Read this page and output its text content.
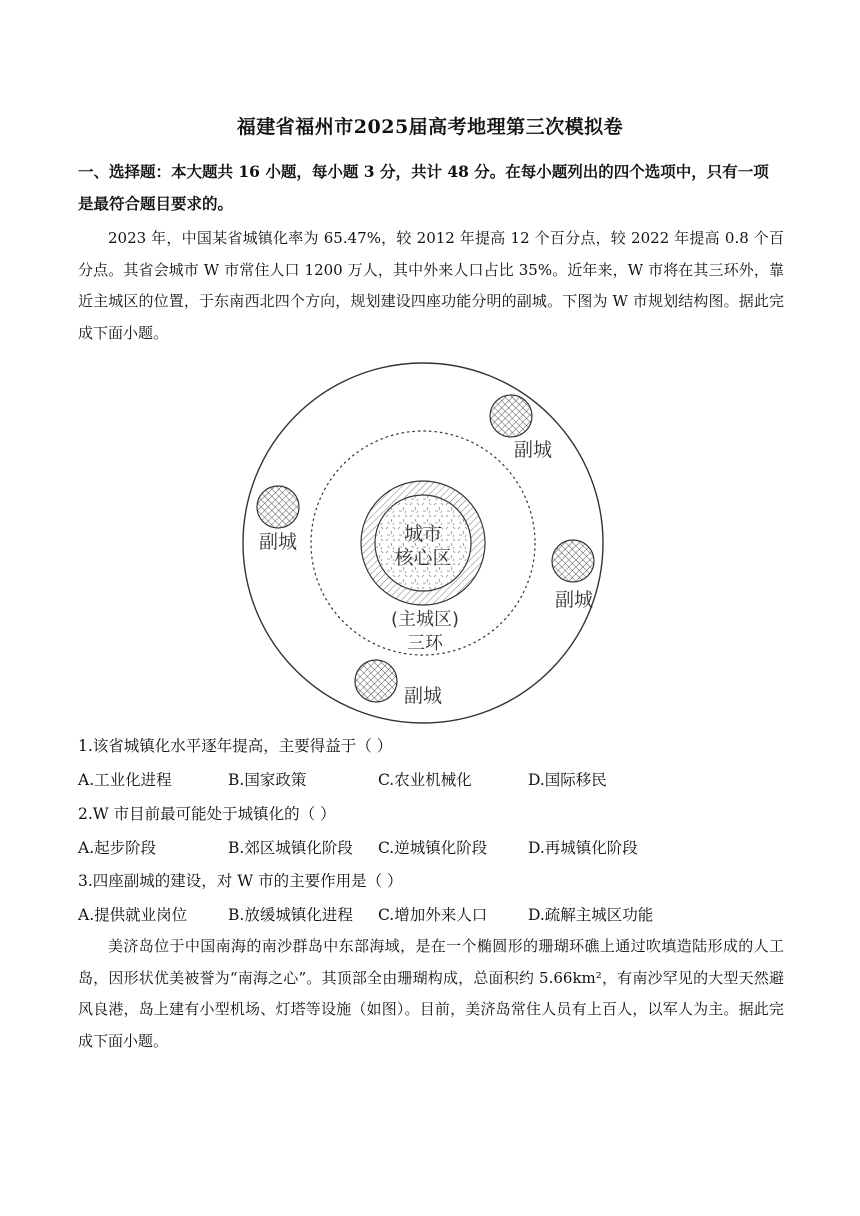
福建省福州市2025届高考地理第三次模拟卷
一、选择题：本大题共 16 小题，每小题 3 分，共计 48 分。在每小题列出的四个选项中，只有一项是最符合题目要求的。
2023 年，中国某省城镇化率为 65.47%，较 2012 年提高 12 个百分点，较 2022 年提高 0.8 个百分点。其省会城市 W 市常住人口 1200 万人，其中外来人口占比 35%。近年来，W 市将在其三环外，靠近主城区的位置，于东南西北四个方向，规划建设四座功能分明的副城。下图为 W 市规划结构图。据此完成下面小题。
城市
核心区
(主城区)
三环
副城
副城
副城
副城
1.该省城镇化水平逐年提高，主要得益于（ ）
A.工业化进程	B.国家政策	C.农业机械化	D.国际移民
2.W 市目前最可能处于城镇化的（ ）
A.起步阶段	B.郊区城镇化阶段 C.逆城镇化阶段	D.再城镇化阶段
3.四座副城的建设，对 W 市的主要作用是（ ）
A.提供就业岗位	B.放缓城镇化进程 C.增加外来人口	D.疏解主城区功能
美济岛位于中国南海的南沙群岛中东部海域，是在一个椭圆形的珊瑚环礁上通过吹填造陆形成的人工岛，因形状优美被誉为“南海之心”。其顶部全由珊瑚构成，总面积约 5.66km²，有南沙罕见的大型天然避风良港，岛上建有小型机场、灯塔等设施（如图）。目前，美济岛常住人员有上百人，以军人为主。据此完成下面小题。
